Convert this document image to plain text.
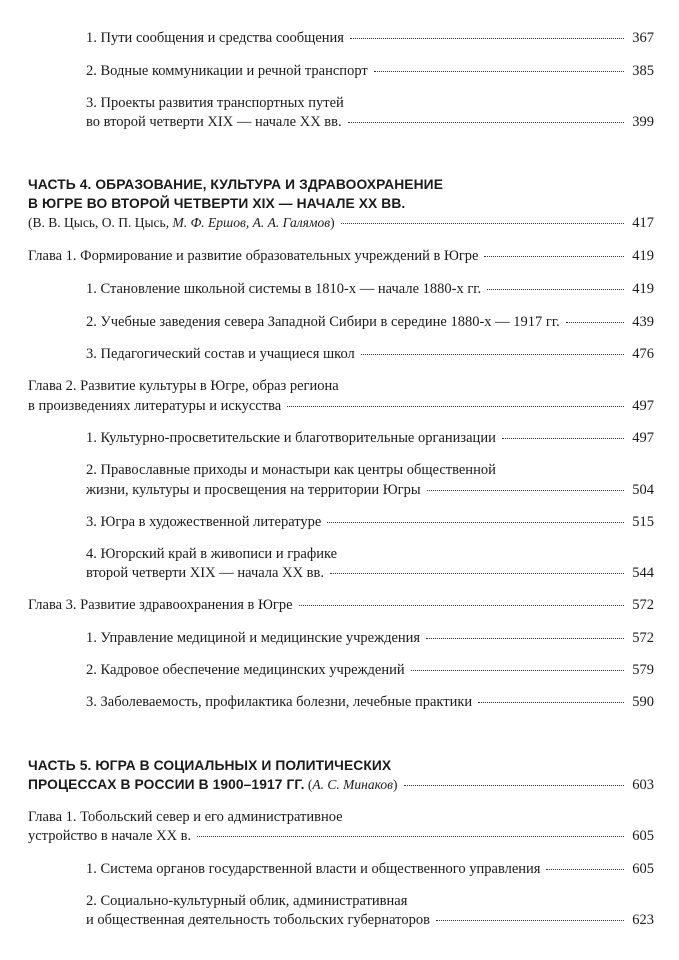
1. Пути сообщения и средства сообщения	367
2. Водные коммуникации и речной транспорт	385
3. Проекты развития транспортных путей
во второй четверти XIX — начале XX вв.	399
ЧАСТЬ 4. ОБРАЗОВАНИЕ, КУЛЬТУРА И ЗДРАВООХРАНЕНИЕ
В ЮГРЕ ВО ВТОРОЙ ЧЕТВЕРТИ XIX — НАЧАЛЕ XX ВВ.
(В. В. Цысь, О. П. Цысь, М. Ф. Ершов, А. А. Галямов)	417
Глава 1. Формирование и развитие образовательных учреждений в Югре	419
1. Становление школьной системы в 1810-х — начале 1880-х гг.	419
2. Учебные заведения севера Западной Сибири в середине 1880-х — 1917 гг.	439
3. Педагогический состав и учащиеся школ	476
Глава 2. Развитие культуры в Югре, образ региона
в произведениях литературы и искусства	497
1. Культурно-просветительские и благотворительные организации	497
2. Православные приходы и монастыри как центры общественной
жизни, культуры и просвещения на территории Югры	504
3. Югра в художественной литературе	515
4. Югорский край в живописи и графике
второй четверти XIX — начала XX вв.	544
Глава 3. Развитие здравоохранения в Югре	572
1. Управление медициной и медицинские учреждения	572
2. Кадровое обеспечение медицинских учреждений	579
3. Заболеваемость, профилактика болезни, лечебные практики	590
ЧАСТЬ 5. ЮГРА В СОЦИАЛЬНЫХ И ПОЛИТИЧЕСКИХ
ПРОЦЕССАХ В РОССИИ В 1900–1917 ГГ. (А. С. Минаков)	603
Глава 1. Тобольский север и его административное
устройство в начале XX в.	605
1. Система органов государственной власти и общественного управления	605
2. Социально-культурный облик, административная
и общественная деятельность тобольских губернаторов	623
